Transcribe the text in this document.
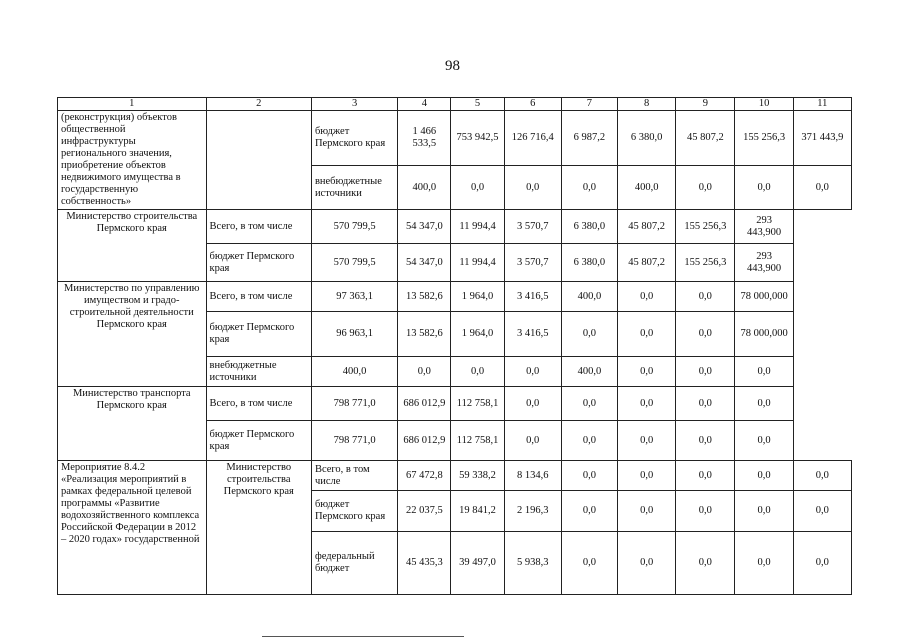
98
1	2	3	4	5	6	7	8	9	10	11
(реконструкция) объектов общественной инфраструктуры регионального значения, приобретение объектов недвижимого имущества в государственную собственность»		бюджет Пермского края	1 466 533,5	753 942,5	126 716,4	6 987,2	6 380,0	45 807,2	155 256,3	371 443,9
		внебюджетные источники	400,0	0,0	0,0	0,0	400,0	0,0	0,0	0,0
Министерство строительства Пермского края	Всего, в том числе	570 799,5	54 347,0	11 994,4	3 570,7	6 380,0	45 807,2	155 256,3	293 443,900	
	бюджет Пермского края	570 799,5	54 347,0	11 994,4	3 570,7	6 380,0	45 807,2	155 256,3	293 443,900	
Министерство по управлению имуществом и градо-строительной деятельности Пермского края	Всего, в том числе	97 363,1	13 582,6	1 964,0	3 416,5	400,0	0,0	0,0	78 000,000	
	бюджет Пермского края	96 963,1	13 582,6	1 964,0	3 416,5	0,0	0,0	0,0	78 000,000	
	внебюджетные источники	400,0	0,0	0,0	0,0	400,0	0,0	0,0	0,0	
Министерство транспорта Пермского края	Всего, в том числе	798 771,0	686 012,9	112 758,1	0,0	0,0	0,0	0,0	0,0	
	бюджет Пермского края	798 771,0	686 012,9	112 758,1	0,0	0,0	0,0	0,0	0,0	
Мероприятие 8.4.2 «Реализация мероприятий в рамках федеральной целевой программы «Развитие водохозяйственного комплекса Российской Федерации в 2012 – 2020 годах» государственной	Министерство строительства Пермского края	Всего, в том числе	67 472,8	59 338,2	8 134,6	0,0	0,0	0,0	0,0	0,0
		бюджет Пермского края	22 037,5	19 841,2	2 196,3	0,0	0,0	0,0	0,0	0,0
		федеральный бюджет	45 435,3	39 497,0	5 938,3	0,0	0,0	0,0	0,0	0,0
